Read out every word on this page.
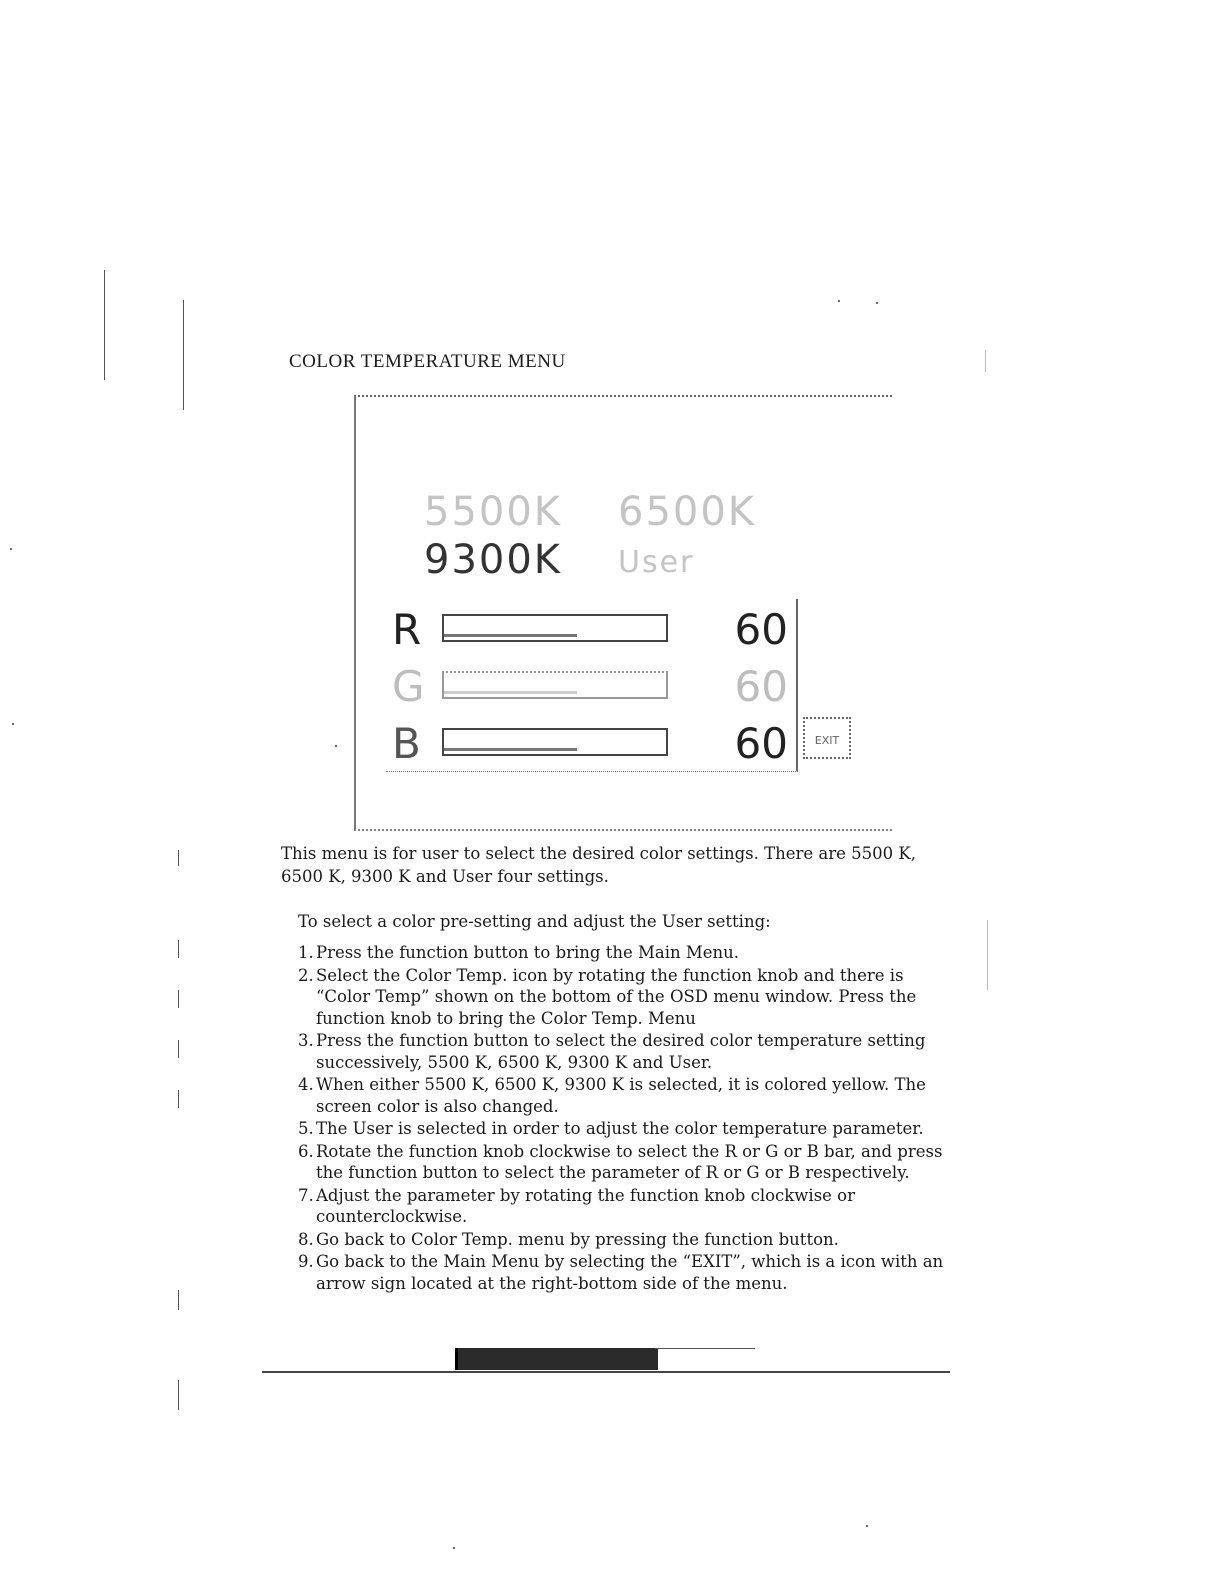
COLOR TEMPERATURE MENU
5500K 6500K
9300K User
R	60
G	60
B	60	EXIT
This menu is for user to select the desired color settings. There are 5500 K, 6500 K, 9300 K and User four settings.
To select a color pre-setting and adjust the User setting:
1. Press the function button to bring the Main Menu.
2. Select the Color Temp. icon by rotating the function knob and there is “Color Temp” shown on the bottom of the OSD menu window. Press the function knob to bring the Color Temp. Menu
3. Press the function button to select the desired color temperature setting successively, 5500 K, 6500 K, 9300 K and User.
4. When either 5500 K, 6500 K, 9300 K is selected, it is colored yellow. The screen color is also changed.
5. The User is selected in order to adjust the color temperature parameter.
6. Rotate the function knob clockwise to select the R or G or B bar, and press the function button to select the parameter of R or G or B respectively.
7. Adjust the parameter by rotating the function knob clockwise or counterclockwise.
8. Go back to Color Temp. menu by pressing the function button.
9. Go back to the Main Menu by selecting the “EXIT”, which is a icon with an arrow sign located at the right-bottom side of the menu.
